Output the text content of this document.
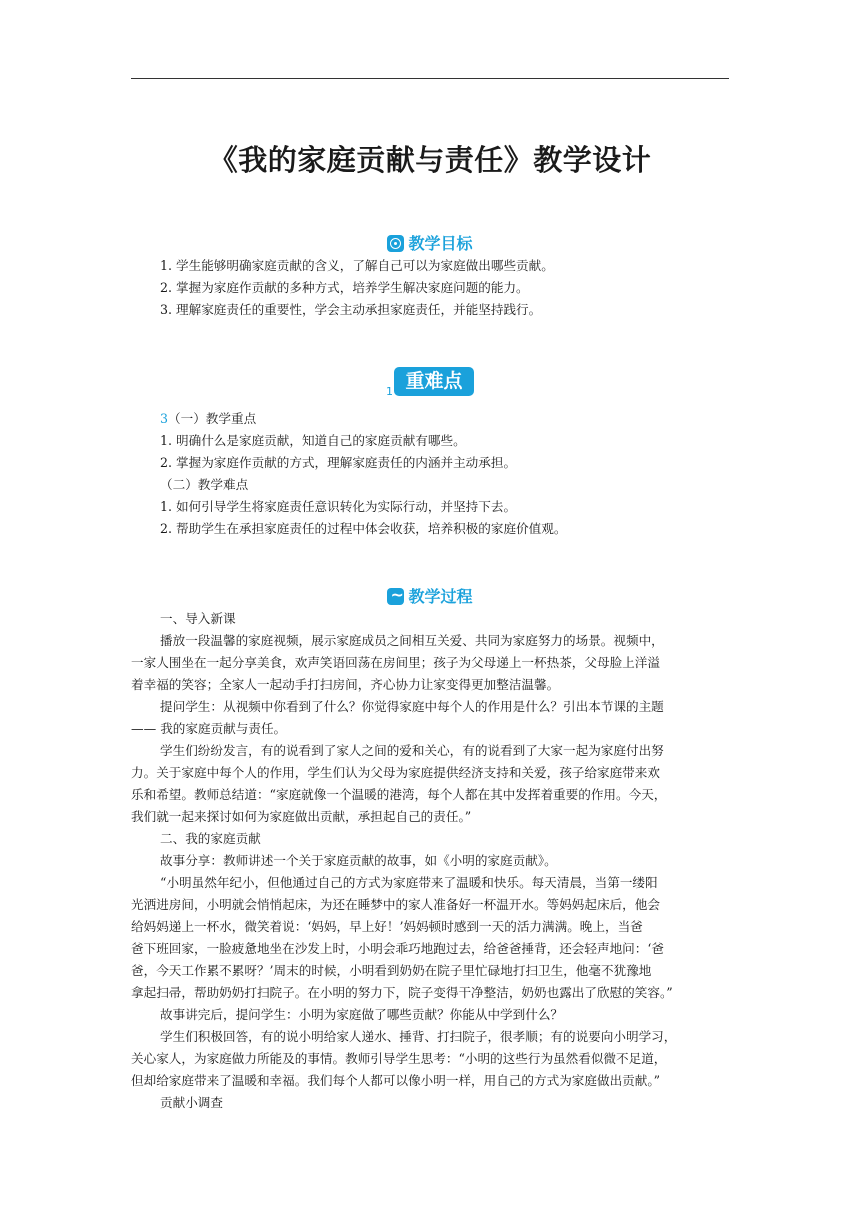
《我的家庭贡献与责任》教学设计
教学目标
1. 学生能够明确家庭贡献的含义，了解自己可以为家庭做出哪些贡献。
2. 掌握为家庭作贡献的多种方式，培养学生解决家庭问题的能力。
3. 理解家庭责任的重要性，学会主动承担家庭责任，并能坚持践行。
1 重难点
3（一）教学重点
1. 明确什么是家庭贡献，知道自己的家庭贡献有哪些。
2. 掌握为家庭作贡献的方式，理解家庭责任的内涵并主动承担。
（二）教学难点
1. 如何引导学生将家庭责任意识转化为实际行动，并坚持下去。
2. 帮助学生在承担家庭责任的过程中体会收获，培养积极的家庭价值观。
~教学过程
一、导入新课
播放一段温馨的家庭视频，展示家庭成员之间相互关爱、共同为家庭努力的场景。视频中，
一家人围坐在一起分享美食，欢声笑语回荡在房间里；孩子为父母递上一杯热茶，父母脸上洋溢
着幸福的笑容；全家人一起动手打扫房间，齐心协力让家变得更加整洁温馨。
提问学生：从视频中你看到了什么？你觉得家庭中每个人的作用是什么？引出本节课的主题
—— 我的家庭贡献与责任。
学生们纷纷发言，有的说看到了家人之间的爱和关心，有的说看到了大家一起为家庭付出努
力。关于家庭中每个人的作用，学生们认为父母为家庭提供经济支持和关爱，孩子给家庭带来欢
乐和希望。教师总结道：“家庭就像一个温暖的港湾，每个人都在其中发挥着重要的作用。今天，
我们就一起来探讨如何为家庭做出贡献，承担起自己的责任。”
二、我的家庭贡献
故事分享：教师讲述一个关于家庭贡献的故事，如《小明的家庭贡献》。
“小明虽然年纪小，但他通过自己的方式为家庭带来了温暖和快乐。每天清晨，当第一缕阳
光洒进房间，小明就会悄悄起床，为还在睡梦中的家人准备好一杯温开水。等妈妈起床后，他会
给妈妈递上一杯水，微笑着说：‘妈妈，早上好！’妈妈顿时感到一天的活力满满。晚上，当爸
爸下班回家，一脸疲惫地坐在沙发上时，小明会乖巧地跑过去，给爸爸捶背，还会轻声地问：‘爸
爸，今天工作累不累呀？’周末的时候，小明看到奶奶在院子里忙碌地打扫卫生，他毫不犹豫地
拿起扫帚，帮助奶奶打扫院子。在小明的努力下，院子变得干净整洁，奶奶也露出了欣慰的笑容。”
故事讲完后，提问学生：小明为家庭做了哪些贡献？你能从中学到什么？
学生们积极回答，有的说小明给家人递水、捶背、打扫院子，很孝顺；有的说要向小明学习，
关心家人，为家庭做力所能及的事情。教师引导学生思考：“小明的这些行为虽然看似微不足道，
但却给家庭带来了温暖和幸福。我们每个人都可以像小明一样，用自己的方式为家庭做出贡献。”
贡献小调查
